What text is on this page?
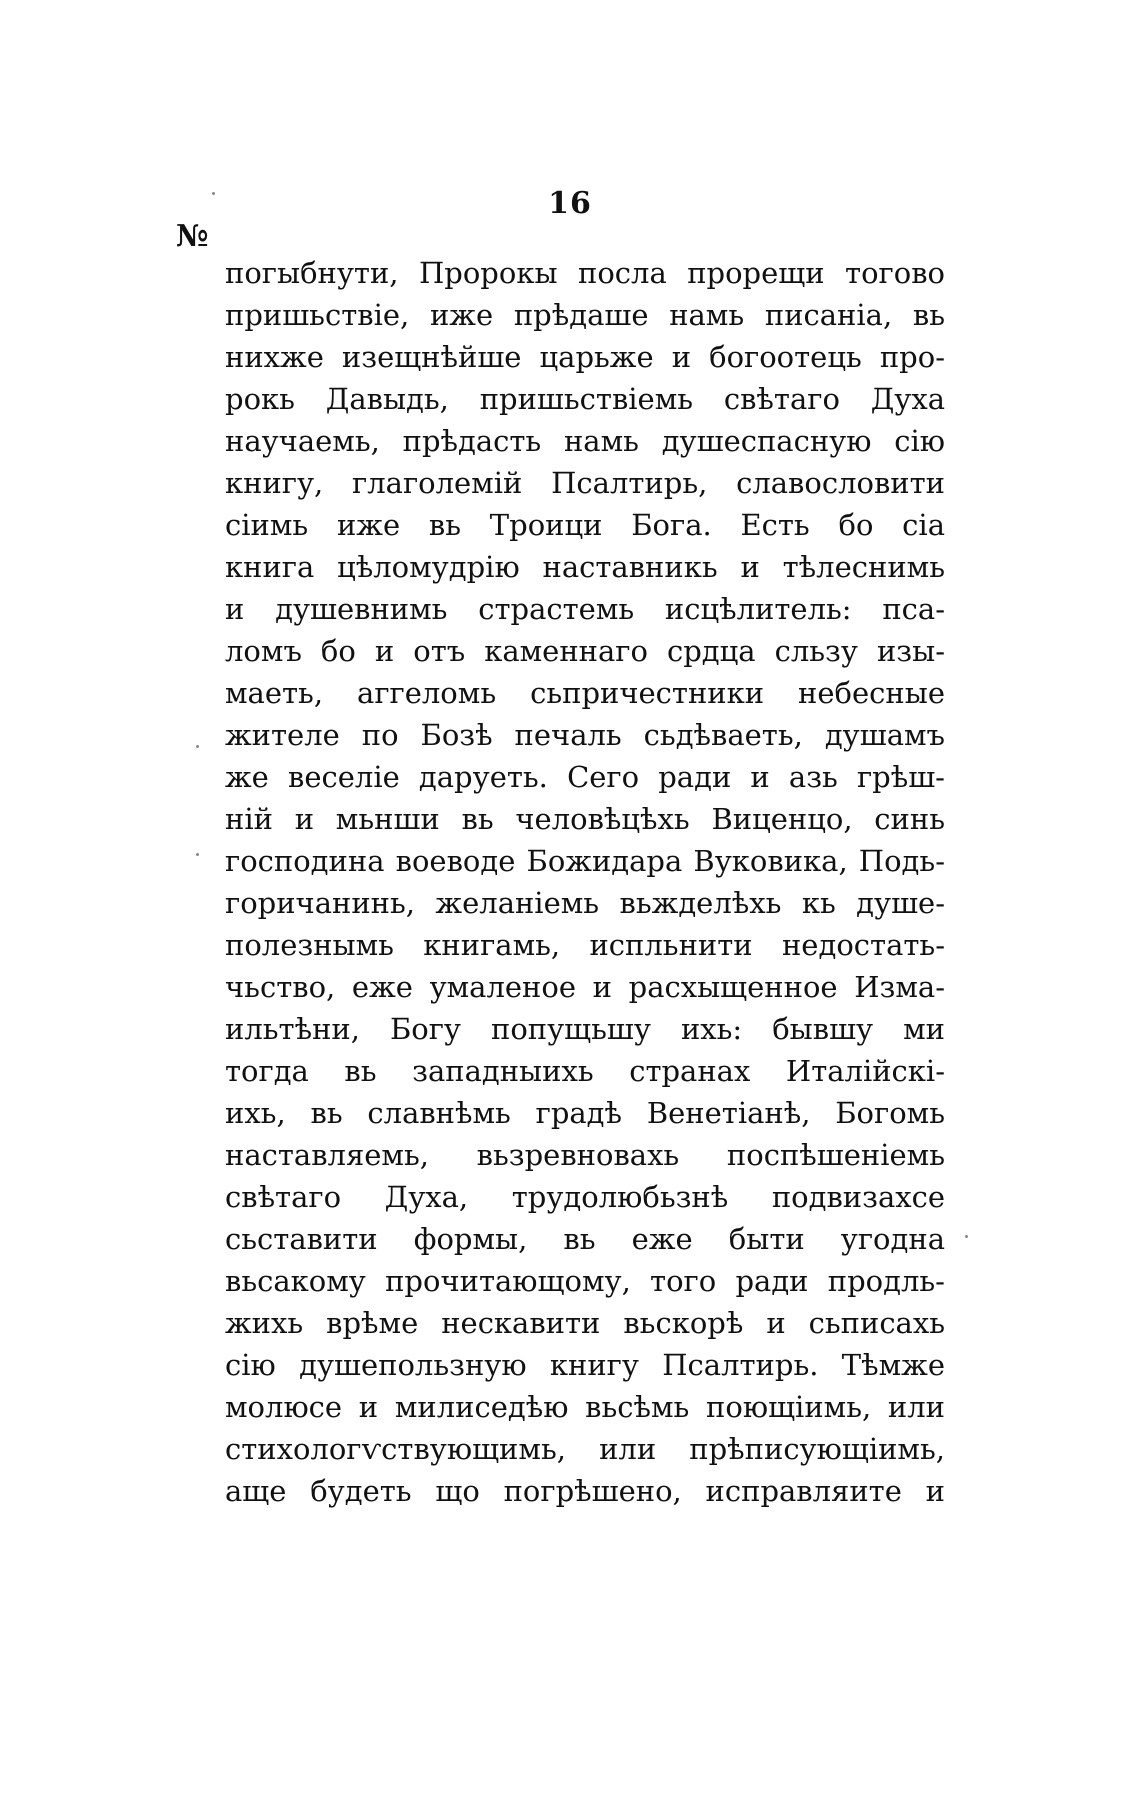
16
№
погыбнути, Пророкы посла прорещи тогово
пришьствіе, иже прѣдаше намь писаніа, вь
нихже изещнѣйше царьже и богоотець про-
рокь Давыдь, пришьствіемь свѣтаго Духа
научаемь, прѣдасть намь душеспасную сію
книгу, глаголемій Псалтирь, славословити
сіимь иже вь Троици Бога. Есть бо сіа
книга цѣломудрію наставникь и тѣлеснимь
и душевнимь страстемь исцѣлитель: пса-
ломъ бо и отъ каменнаго срдца сльзу изы-
маеть, аггеломь сьпричестники небесные
жителе по Бозѣ печаль сьдѣваеть, душамъ
же веселіе даруеть. Сего ради и азь грѣш-
ній и мьнши вь человѣцѣхь Виценцо, синь
господина воеводе Божидара Вуковика, Подь-
горичанинь, желаніемь вьжделѣхь кь душе-
полезнымь книгамь, испльнити недостать-
чьство, еже умаленое и расхыщенное Изма-
ильтѣни, Богу попущьшу ихь: бывшу ми
тогда вь западныихь странах Италійскі-
ихь, вь славнѣмь градѣ Венетіанѣ, Богомь
наставляемь, вьзревновахь поспѣшеніемь
свѣтаго Духа, трудолюбьзнѣ подвизахсе
сьставити формы, вь еже быти угодна
вьсакому прочитающому, того ради продль-
жихь врѣме нескавити вьскорѣ и сьписахь
сію душепользную книгу Псалтирь. Тѣмже
молюсе и милиседѣю вьсѣмь поющіимь, или
стихологѵствующимь, или прѣписующіимь,
аще будеть що погрѣшено, исправляите и
